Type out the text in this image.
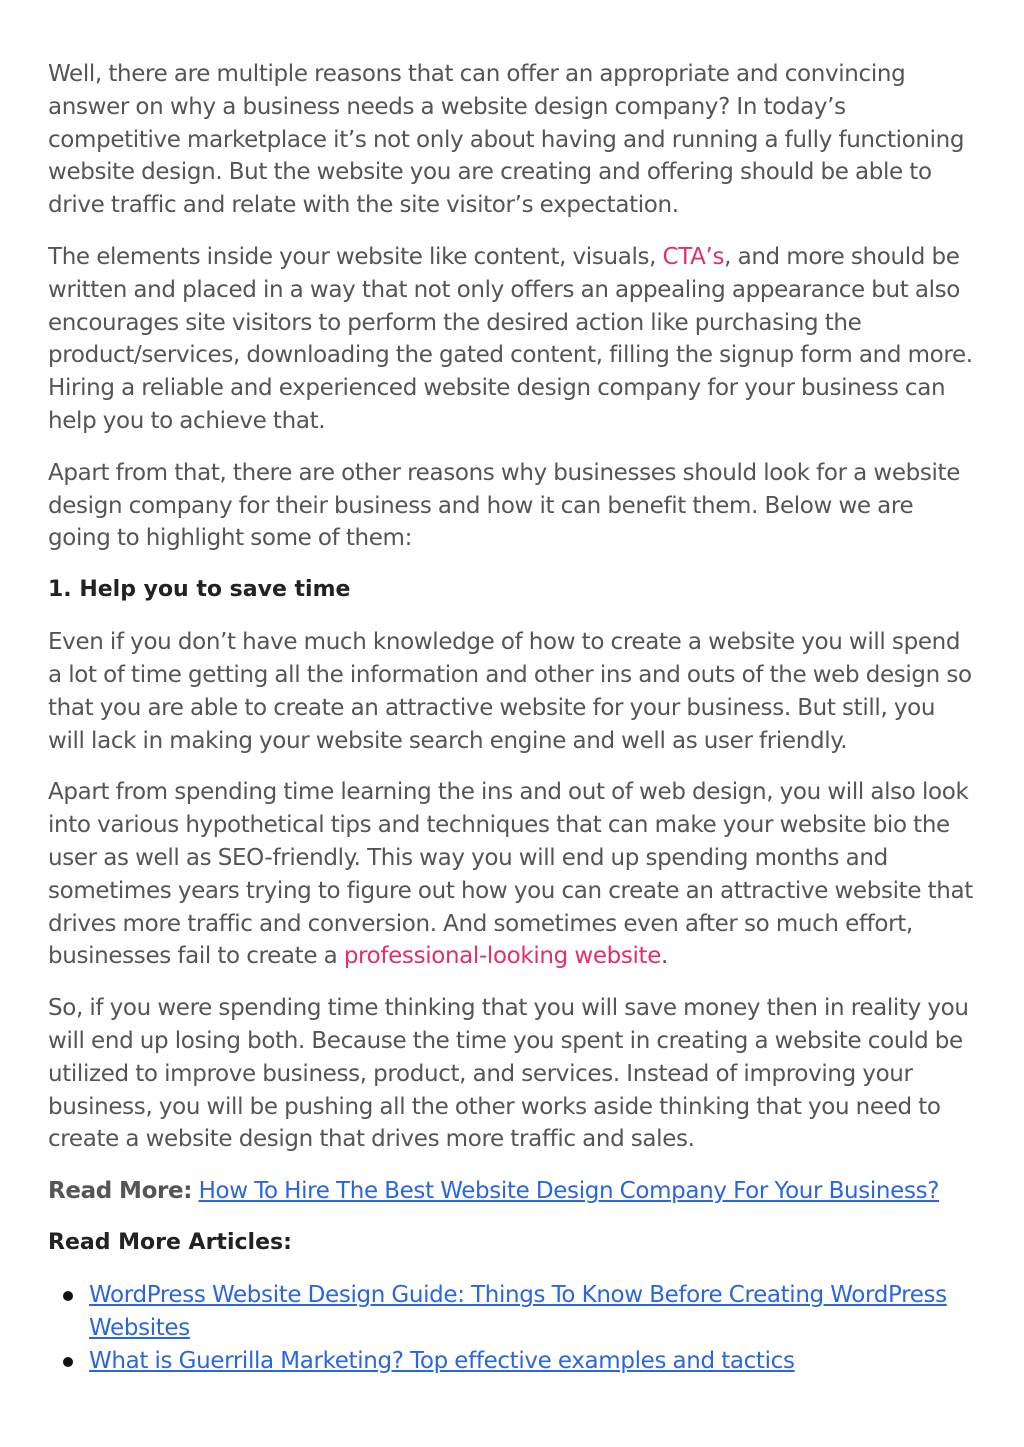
Well, there are multiple reasons that can offer an appropriate and convincing answer on why a business needs a website design company? In today’s competitive marketplace it’s not only about having and running a fully functioning website design. But the website you are creating and offering should be able to drive traffic and relate with the site visitor’s expectation.

The elements inside your website like content, visuals, CTA’s, and more should be written and placed in a way that not only offers an appealing appearance but also encourages site visitors to perform the desired action like purchasing the product/services, downloading the gated content, filling the signup form and more. Hiring a reliable and experienced website design company for your business can help you to achieve that.

Apart from that, there are other reasons why businesses should look for a website design company for their business and how it can benefit them. Below we are going to highlight some of them:

1. Help you to save time

Even if you don’t have much knowledge of how to create a website you will spend a lot of time getting all the information and other ins and outs of the web design so that you are able to create an attractive website for your business. But still, you will lack in making your website search engine and well as user friendly.

Apart from spending time learning the ins and out of web design, you will also look into various hypothetical tips and techniques that can make your website bio the user as well as SEO-friendly. This way you will end up spending months and sometimes years trying to figure out how you can create an attractive website that drives more traffic and conversion. And sometimes even after so much effort, businesses fail to create a professional-looking website.

So, if you were spending time thinking that you will save money then in reality you will end up losing both. Because the time you spent in creating a website could be utilized to improve business, product, and services. Instead of improving your business, you will be pushing all the other works aside thinking that you need to create a website design that drives more traffic and sales.

Read More: How To Hire The Best Website Design Company For Your Business?

Read More Articles:
WordPress Website Design Guide: Things To Know Before Creating WordPress Websites
What is Guerrilla Marketing? Top effective examples and tactics
